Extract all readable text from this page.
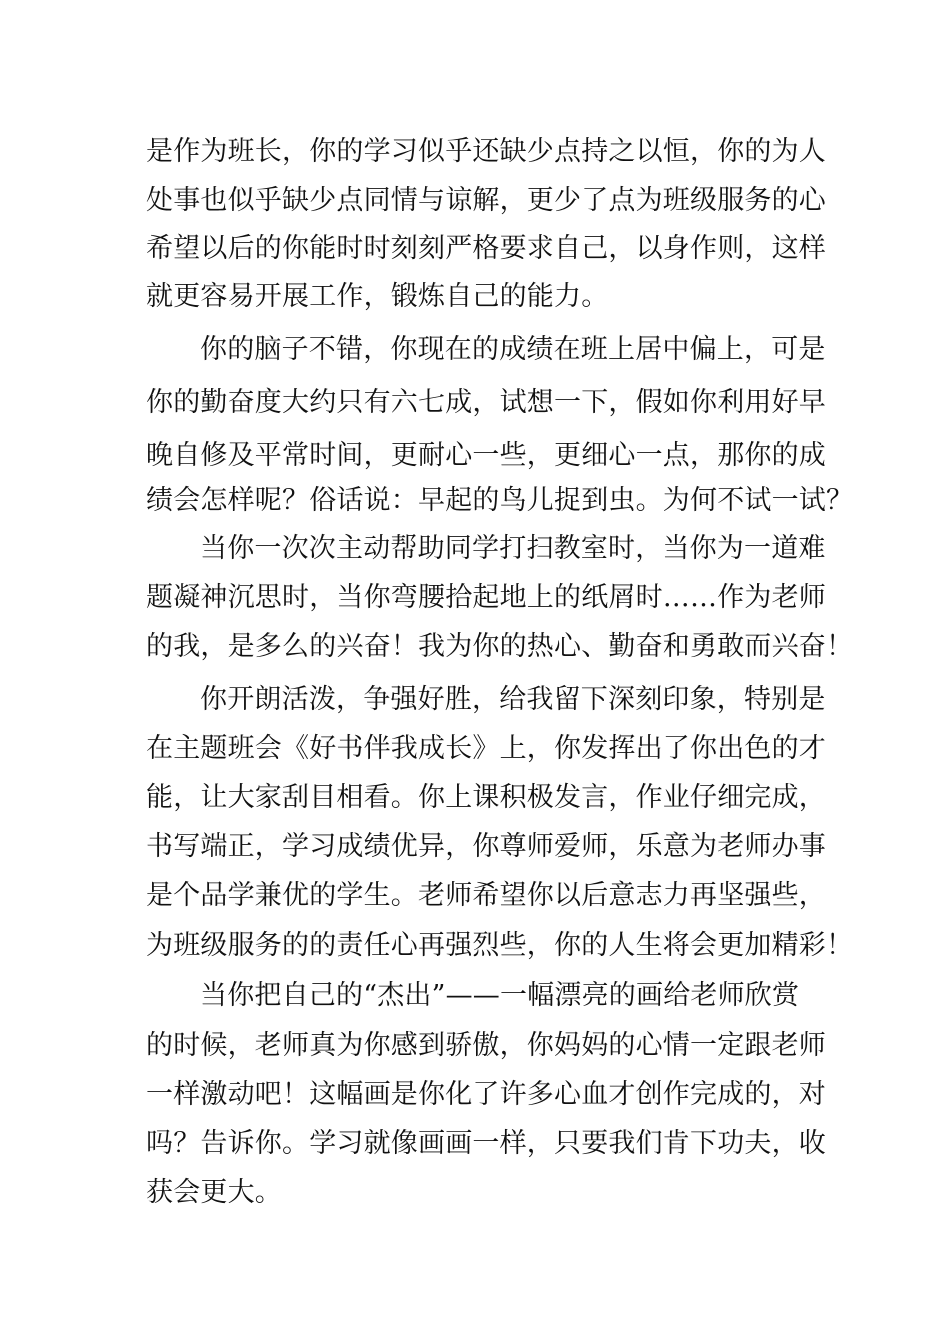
是作为班长，你的学习似乎还缺少点持之以恒，你的为人
处事也似乎缺少点同情与谅解，更少了点为班级服务的心
希望以后的你能时时刻刻严格要求自己，以身作则，这样
就更容易开展工作，锻炼自己的能力。
你的脑子不错，你现在的成绩在班上居中偏上，可是
你的勤奋度大约只有六七成，试想一下，假如你利用好早
晚自修及平常时间，更耐心一些，更细心一点，那你的成
绩会怎样呢？俗话说：早起的鸟儿捉到虫。为何不试一试？
当你一次次主动帮助同学打扫教室时，当你为一道难
题凝神沉思时，当你弯腰拾起地上的纸屑时……作为老师
的我，是多么的兴奋！我为你的热心、勤奋和勇敢而兴奋！
你开朗活泼，争强好胜，给我留下深刻印象，特别是
在主题班会《好书伴我成长》上，你发挥出了你出色的才
能，让大家刮目相看。你上课积极发言，作业仔细完成，
书写端正，学习成绩优异，你尊师爱师，乐意为老师办事
是个品学兼优的学生。老师希望你以后意志力再坚强些，
为班级服务的的责任心再强烈些，你的人生将会更加精彩！
当你把自己的“杰出”——一幅漂亮的画给老师欣赏
的时候，老师真为你感到骄傲，你妈妈的心情一定跟老师
一样激动吧！这幅画是你化了许多心血才创作完成的，对
吗？告诉你。学习就像画画一样，只要我们肯下功夫，收
获会更大。
